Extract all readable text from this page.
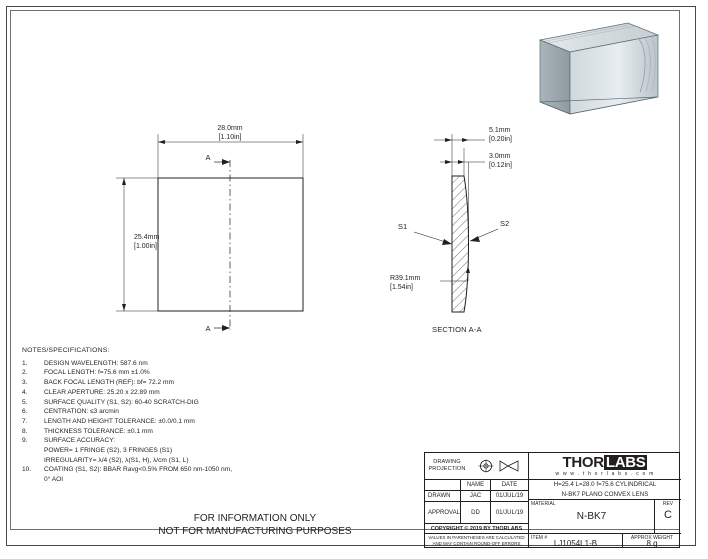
28.0mm
[1.10in]
25.4mm
[1.00in]
A
A
5.1mm
[0.20in]
3.0mm
[0.12in]
S1	S2
R39.1mm
[1.54in]
SECTION A-A
NOTES/SPECIFICATIONS:
1.	DESIGN WAVELENGTH: 587.6 nm
2.	FOCAL LENGTH: f=75.6 mm ±1.0%
3.	BACK FOCAL LENGTH (REF): bf= 72.2 mm
4.	CLEAR APERTURE: 25.20 x 22.89 mm
5.	SURFACE QUALITY (S1, S2): 60-40 SCRATCH-DIG
6.	CENTRATION: ≤3 arcmin
7.	LENGTH AND HEIGHT TOLERANCE: ±0.0/0.1 mm
8.	THICKNESS TOLERANCE: ±0.1 mm
9.	SURFACE ACCURACY:
POWER= 1 FRINGE (S2), 3 FRINGES (S1)
IRREGULARITY= λ/4 (S2), λ(S1, H), λ/cm (S1, L)
10.	COATING (S1, S2): BBAR Ravg<0.5% FROM 650 nm-1050 nm,
0° AOI
FOR INFORMATION ONLY
NOT FOR MANUFACTURING PURPOSES
DRAWING
PROJECTION
NAME	DATE
DRAWN	JAC	01/JUL/19
APPROVAL	DD	01/JUL/19
COPYRIGHT © 2019 BY THORLABS
VALUES IN PARENTHESES ARE CALCULATED
AND MAY CONTAIN ROUND-OFF ERRORS
THOR LABS
w w w . t h o r l a b s . c o m
H=25.4 L=28.0 f=75.6 CYLINDRICAL
N-BK7 PLANO CONVEX LENS
MATERIAL
N-BK7
REV
C
ITEM #
LJ1054L1-B
APPROX WEIGHT
8 g
